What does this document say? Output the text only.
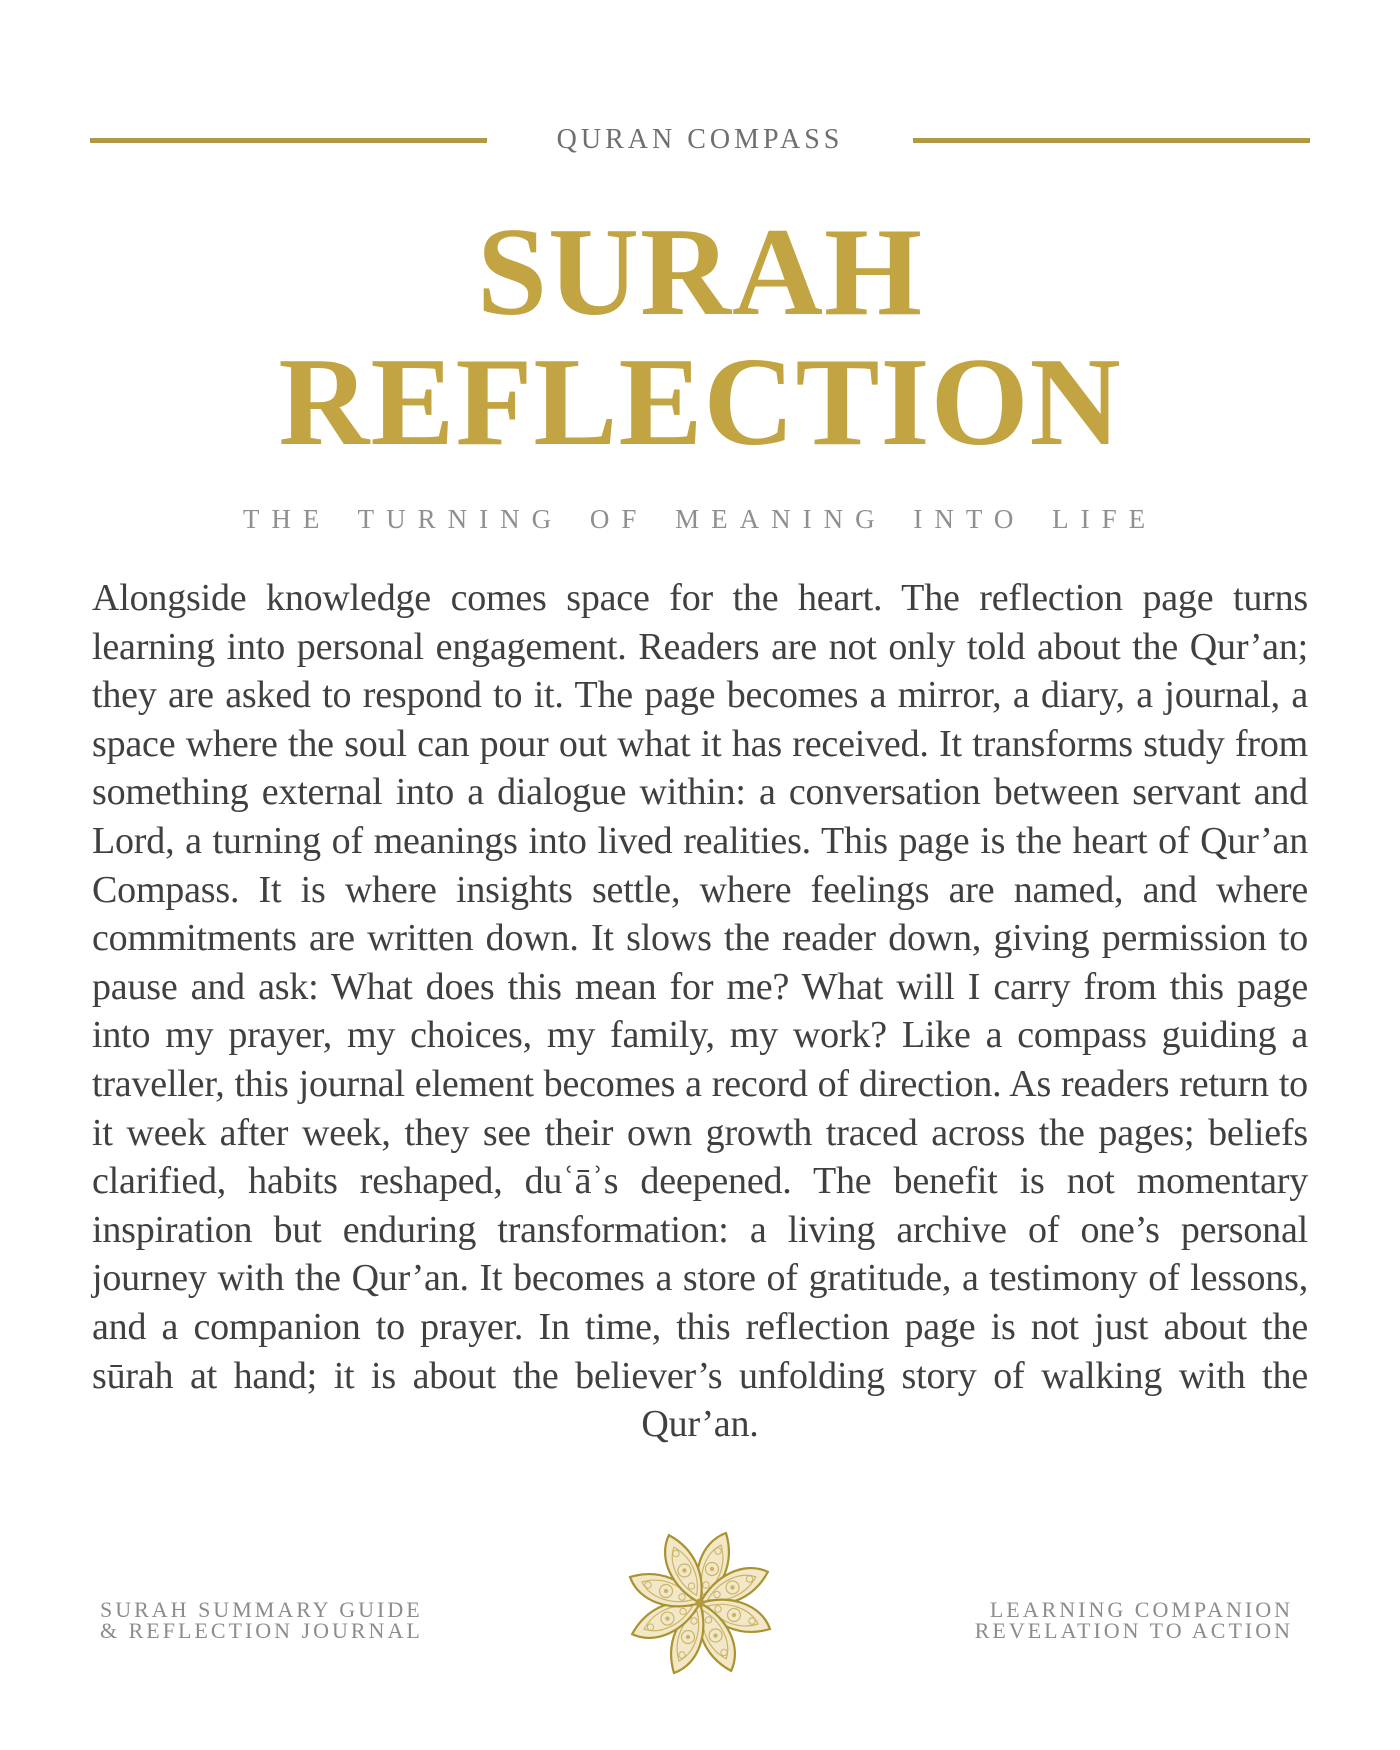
QURAN COMPASS
SURAH
REFLECTION
THE TURNING OF MEANING INTO LIFE
Alongside knowledge comes space for the heart. The reflection page turns learning into personal engagement. Readers are not only told about the Qur’an; they are asked to respond to it. The page becomes a mirror, a diary, a journal, a space where the soul can pour out what it has received. It transforms study from something external into a dialogue within: a conversation between servant and Lord, a turning of meanings into lived realities. This page is the heart of Qur’an Compass. It is where insights settle, where feelings are named, and where commitments are written down. It slows the reader down, giving permission to pause and ask: What does this mean for me? What will I carry from this page into my prayer, my choices, my family, my work? Like a compass guiding a traveller, this journal element becomes a record of direction. As readers return to it week after week, they see their own growth traced across the pages; beliefs clarified, habits reshaped, duʿāʾs deepened. The benefit is not momentary inspiration but enduring transformation: a living archive of one’s personal journey with the Qur’an. It becomes a store of gratitude, a testimony of lessons, and a companion to prayer. In time, this reflection page is not just about the sūrah at hand; it is about the believer’s unfolding story of walking with the Qur’an.
SURAH SUMMARY GUIDE
& REFLECTION JOURNAL
LEARNING COMPANION
REVELATION TO ACTION
